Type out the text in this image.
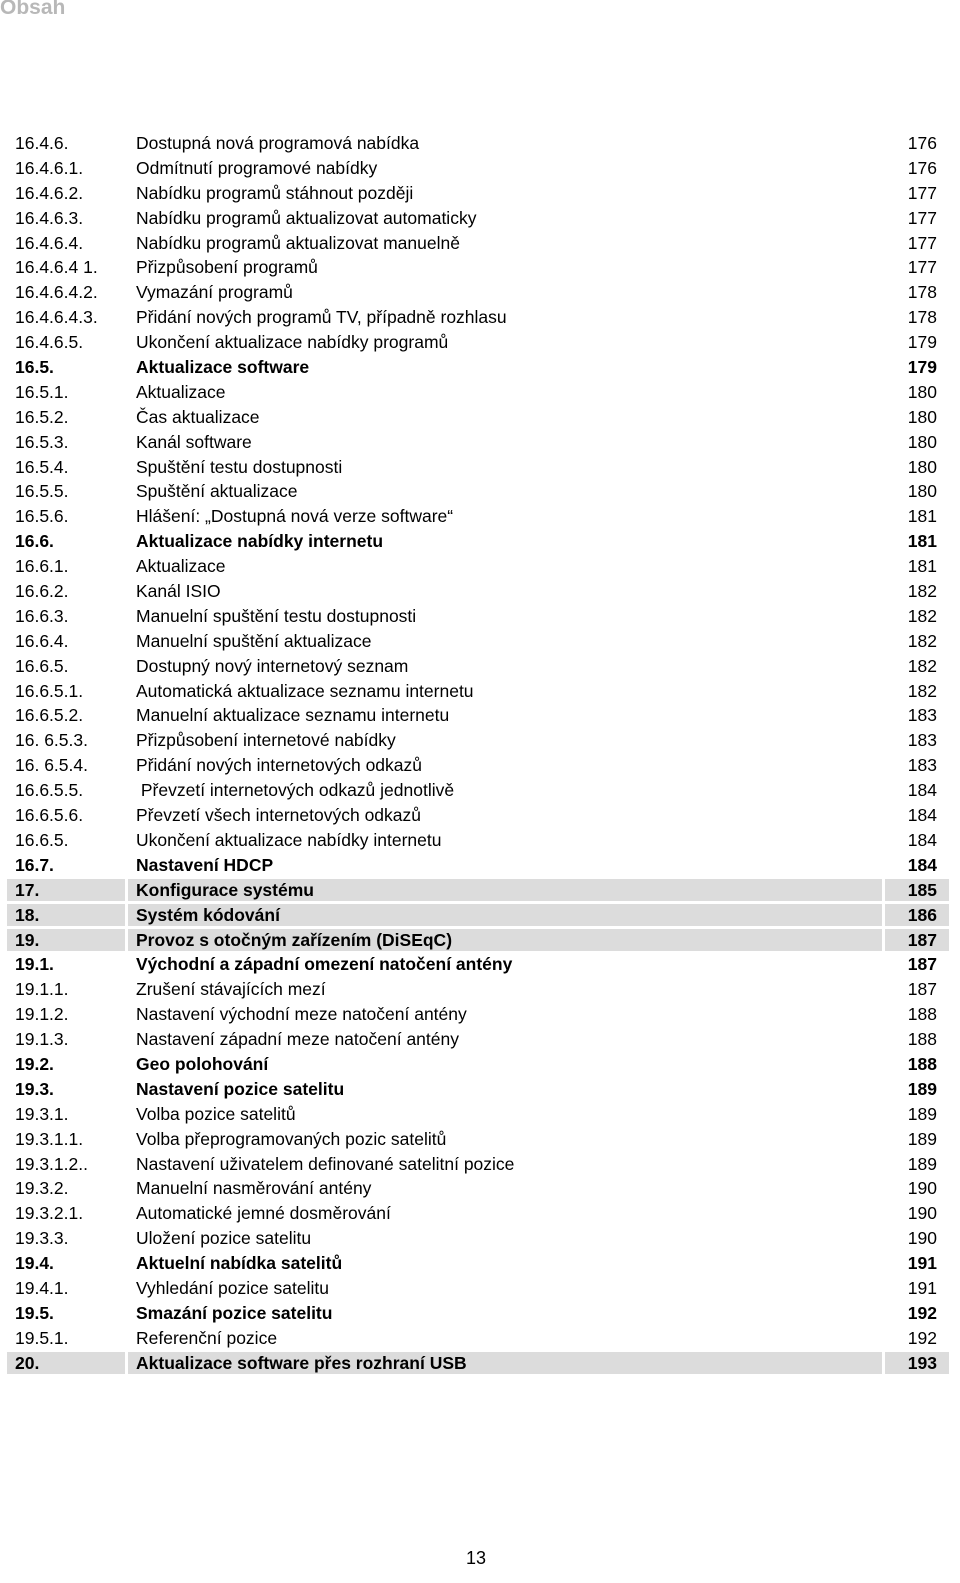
Obsah
16.4.6.	Dostupná nová programová nabídka	176
16.4.6.1.	Odmítnutí programové nabídky	176
16.4.6.2.	Nabídku programů stáhnout později	177
16.4.6.3.	Nabídku programů aktualizovat automaticky	177
16.4.6.4.	Nabídku programů aktualizovat manuelně	177
16.4.6.4 1. Přizpůsobení programů	177
16.4.6.4.2. Vymazání programů	178
16.4.6.4.3. Přidání nových programů TV, případně rozhlasu	178
16.4.6.5.	Ukončení aktualizace nabídky programů	179
16.5.	Aktualizace software	179
16.5.1.	Aktualizace	180
16.5.2.	Čas aktualizace	180
16.5.3.	Kanál software	180
16.5.4.	Spuštění testu dostupnosti	180
16.5.5.	Spuštění aktualizace	180
16.5.6.	Hlášení: „Dostupná nová verze software“	181
16.6.	Aktualizace nabídky internetu	181
16.6.1.	Aktualizace	181
16.6.2.	Kanál ISIO	182
16.6.3.	Manuelní spuštění testu dostupnosti	182
16.6.4.	Manuelní spuštění aktualizace	182
16.6.5.	Dostupný nový internetový seznam	182
16.6.5.1.	Automatická aktualizace seznamu internetu	182
16.6.5.2.	Manuelní aktualizace seznamu internetu	183
16. 6.5.3.	Přizpůsobení internetové nabídky	183
16. 6.5.4.	Přidání nových internetových odkazů	183
16.6.5.5.	Převzetí internetových odkazů jednotlivě	184
16.6.5.6.	Převzetí všech internetových odkazů	184
16.6.5.	Ukončení aktualizace nabídky internetu	184
16.7.	Nastavení HDCP	184
17.	Konfigurace systému	185
18.	Systém kódování	186
19.	Provoz s otočným zařízením (DiSEqC)	187
19.1.	Východní a západní omezení natočení antény	187
19.1.1.	Zrušení stávajících mezí	187
19.1.2.	Nastavení východní meze natočení antény	188
19.1.3.	Nastavení západní meze natočení antény	188
19.2.	Geo polohování	188
19.3.	Nastavení pozice satelitu	189
19.3.1.	Volba pozice satelitů	189
19.3.1.1.	Volba přeprogramovaných pozic satelitů	189
19.3.1.2..	Nastavení uživatelem definované satelitní pozice	189
19.3.2.	Manuelní nasměrování antény	190
19.3.2.1.	Automatické jemné dosměrování	190
19.3.3.	Uložení pozice satelitu	190
19.4.	Aktuelní nabídka satelitů	191
19.4.1.	Vyhledání pozice satelitu	191
19.5.	Smazání pozice satelitu	192
19.5.1.	Referenční pozice	192
20.	Aktualizace software přes rozhraní USB	193
13
